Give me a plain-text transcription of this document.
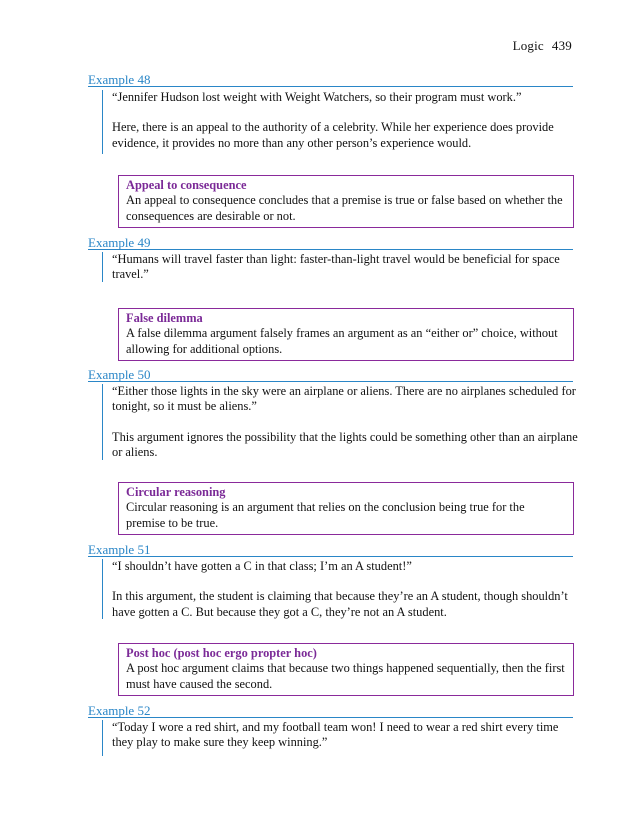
Logic 439
Example 48

“Jennifer Hudson lost weight with Weight Watchers, so their program must work.”

Here, there is an appeal to the authority of a celebrity. While her experience does provide evidence, it provides no more than any other person’s experience would.

Appeal to consequence

An appeal to consequence concludes that a premise is true or false based on whether the consequences are desirable or not.

Example 49

“Humans will travel faster than light: faster-than-light travel would be beneficial for space travel.”

False dilemma

A false dilemma argument falsely frames an argument as an “either or” choice, without allowing for additional options.

Example 50

“Either those lights in the sky were an airplane or aliens. There are no airplanes scheduled for tonight, so it must be aliens.”

This argument ignores the possibility that the lights could be something other than an airplane or aliens.

Circular reasoning

Circular reasoning is an argument that relies on the conclusion being true for the premise to be true.

Example 51

“I shouldn’t have gotten a C in that class; I’m an A student!”

In this argument, the student is claiming that because they’re an A student, though shouldn’t have gotten a C. But because they got a C, they’re not an A student.

Post hoc (post hoc ergo propter hoc)

A post hoc argument claims that because two things happened sequentially, then the first must have caused the second.

Example 52

“Today I wore a red shirt, and my football team won! I need to wear a red shirt every time they play to make sure they keep winning.”
